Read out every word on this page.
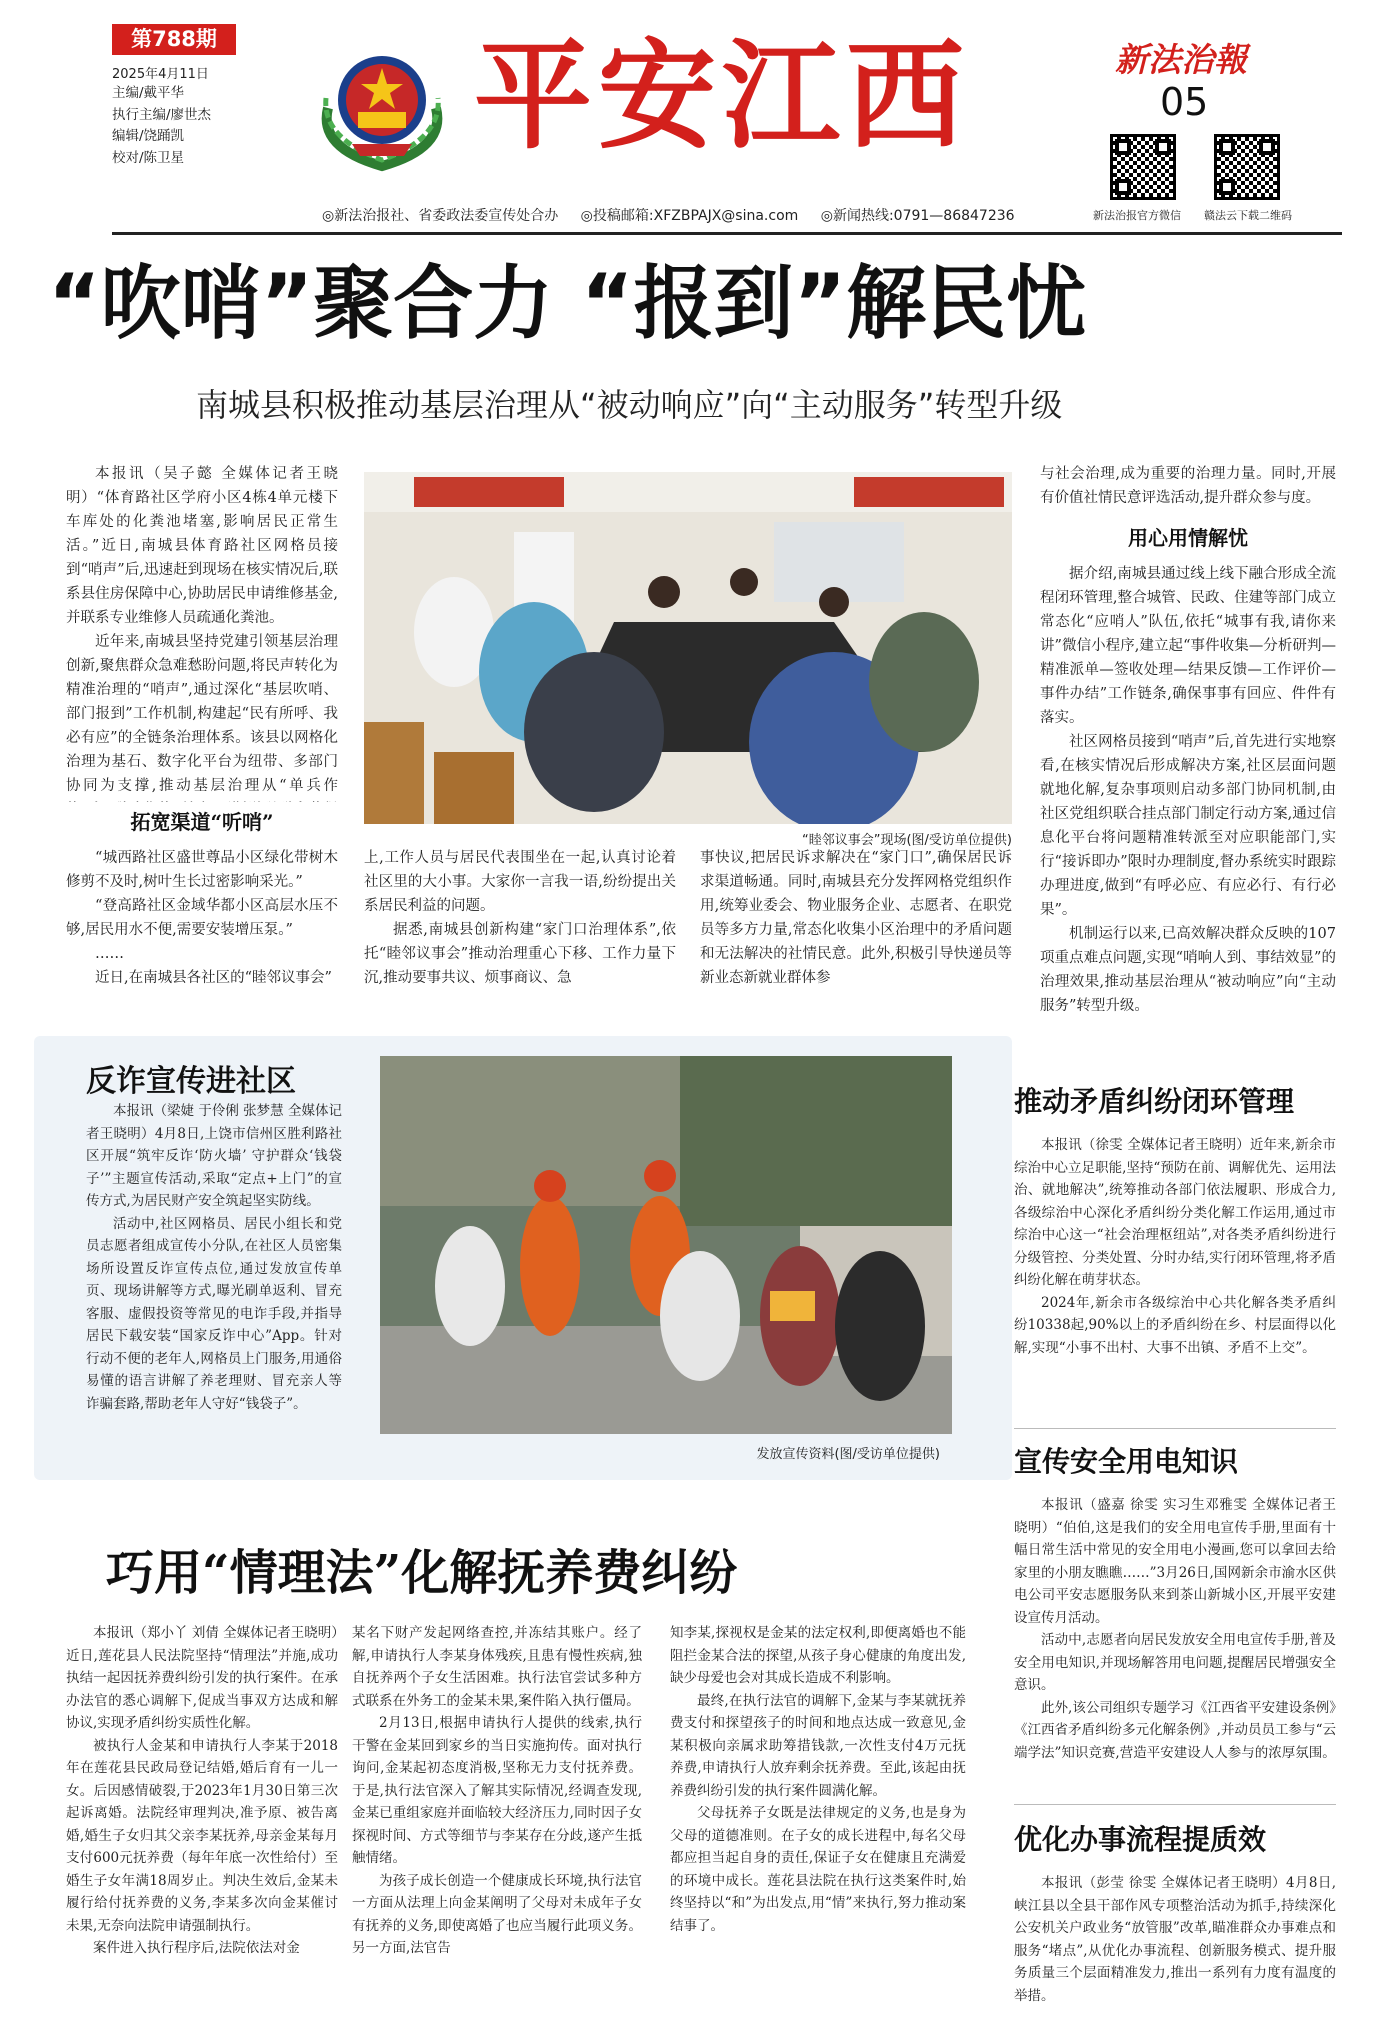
第788期
2025年4月11日
主编/戴平华
执行主编/廖世杰
编辑/饶踊凯
校对/陈卫星 平安江西	新法治報
05
新法治报官方微信 赣法云下载二维码
◎新法治报社、省委政法委宣传处合办 ◎投稿邮箱:XFZBPAJX@sina.com ◎新闻热线:0791—86847236
“吹哨”聚合力 “报到”解民忧
南城县积极推动基层治理从“被动响应”向“主动服务”转型升级

本报讯（吴子懿 全媒体记者王晓明）“体育路社区学府小区4栋4单元楼下车库处的化粪池堵塞,影响居民正常生活。”近日,南城县体育路社区网格员接到“哨声”后,迅速赶到现场在核实情况后,联系县住房保障中心,协助居民申请维修基金,并联系专业维修人员疏通化粪池。

近年来,南城县坚持党建引领基层治理创新,聚焦群众急难愁盼问题,将民声转化为精准治理的“哨声”,通过深化“基层吹哨、部门报到”工作机制,构建起“民有所呼、我必有应”的全链条治理体系。该县以网格化治理为基石、数字化平台为纽带、多部门协同为支撑,推动基层治理从“单兵作

拓宽渠道“听哨”

“城西路社区盛世尊品小区绿化带树木修剪不及时,树叶生长过密影响采光。”

“登高路社区金域华都小区高层水压不够,居民用水不便,需要安装增压泵。”

……

近日,在南城县各社区的“睦邻议事会”

“睦邻议事会”现场(图/受访单位提供)

上,工作人员与居民代表围坐在一起,认真讨论着社区里的大小事。大家你一言我一语,纷纷提出关系居民利益的问题。

据悉,南城县创新构建“家门口治理体系”,依托“睦邻议事会”推动治理重心下移、工作力量下沉,推动要事共议、烦事商议、急

事快议,把居民诉求解决在“家门口”,确保居民诉求渠道畅通。同时,南城县充分发挥网格党组织作用,统筹业委会、物业服务企业、志愿者、在职党员等多方力量,常态化收集小区治理中的矛盾问题和无法解决的社情民意。此外,积极引导快递员等新业态新就业群体参

与社会治理,成为重要的治理力量。同时,开展有价值社情民意评选活动,提升群众参与度。

用心用情解忧

据介绍,南城县通过线上线下融合形成全流程闭环管理,整合城管、民政、住建等部门成立常态化“应哨人”队伍,依托“城事有我,请你来讲”微信小程序,建立起“事件收集—分析研判—精准派单—签收处理—结果反馈—工作评价—事件办结”工作链条,确保事事有回应、件件有落实。

社区网格员接到“哨声”后,首先进行实地察看,在核实情况后形成解决方案,社区层面问题就地化解,复杂事项则启动多部门协同机制,由社区党组织联合挂点部门制定行动方案,通过信息化平台将问题精准转派至对应职能部门,实行“接诉即办”限时办理制度,督办系统实时跟踪办理进度,做到“有呼必应、有应必行、有行必果”。

机制运行以来,已高效解决群众反映的107项重点难点问题,实现“哨响人到、事结效显”的治理效果,推动基层治理从“被动响应”向“主动服务”转型升级。

反诈宣传进社区

本报讯（梁婕 于伶俐 张梦慧 全媒体记者王晓明）4月8日,上饶市信州区胜利路社区开展“筑牢反诈‘防火墙’ 守护群众‘钱袋子’”主题宣传活动,采取“定点+上门”的宣传方式,为居民财产安全筑起坚实防线。

活动中,社区网格员、居民小组长和党员志愿者组成宣传小分队,在社区人员密集场所设置反诈宣传点位,通过发放宣传单页、现场讲解等方式,曝光刷单返利、冒充客服、虚假投资等常见的电诈手段,并指导居民下载安装“国家反诈中心”App。针对行动不便的老年人,网格员上门服务,用通俗易懂的语言讲解了养老理财、冒充亲人等诈骗套路,帮助老年人守好“钱袋子”。

发放宣传资料(图/受访单位提供)
推动矛盾纠纷闭环管理

本报讯（徐雯 全媒体记者王晓明）近年来,新余市综治中心立足职能,坚持“预防在前、调解优先、运用法治、就地解决”,统筹推动各部门依法履职、形成合力,各级综治中心深化矛盾纠纷分类化解工作运用,通过市综治中心这一“社会治理枢纽站”,对各类矛盾纠纷进行分级管控、分类处置、分时办结,实行闭环管理,将矛盾纠纷化解在萌芽状态。

2024年,新余市各级综治中心共化解各类矛盾纠纷10338起,90%以上的矛盾纠纷在乡、村层面得以化解,实现“小事不出村、大事不出镇、矛盾不上交”。

宣传安全用电知识

本报讯（盛嘉 徐雯 实习生邓雅雯 全媒体记者王晓明）“伯伯,这是我们的安全用电宣传手册,里面有十幅日常生活中常见的安全用电小漫画,您可以拿回去给家里的小朋友瞧瞧……”3月26日,国网新余市渝水区供电公司平安志愿服务队来到茶山新城小区,开展平安建设宣传月活动。

活动中,志愿者向居民发放安全用电宣传手册,普及安全用电知识,并现场解答用电问题,提醒居民增强安全意识。

此外,该公司组织专题学习《江西省平安建设条例》《江西省矛盾纠纷多元化解条例》,并动员员工参与“云端学法”知识竞赛,营造平安建设人人参与的浓厚氛围。

优化办事流程提质效

本报讯（彭莹 徐雯 全媒体记者王晓明）4月8日,峡江县以全县干部作风专项整治活动为抓手,持续深化公安机关户政业务“放管服”改革,瞄准群众办事难点和服务“堵点”,从优化办事流程、创新服务模式、提升服务质量三个层面精准发力,推出一系列有力度有温度的举措。

巧用“情理法”化解抚养费纠纷

本报讯（郑小丫 刘倩 全媒体记者王晓明）近日,莲花县人民法院坚持“情理法”并施,成功执结一起因抚养费纠纷引发的执行案件。在承办法官的悉心调解下,促成当事双方达成和解协议,实现矛盾纠纷实质性化解。

被执行人金某和申请执行人李某于2018年在莲花县民政局登记结婚,婚后育有一儿一女。后因感情破裂,于2023年1月30日第三次起诉离婚。法院经审理判决,准予原、被告离婚,婚生子女归其父亲李某抚养,母亲金某每月支付600元抚养费（每年年底一次性给付）至婚生子女年满18周岁止。判决生效后,金某未履行给付抚养费的义务,李某多次向金某催讨未果,无奈向法院申请强制执行。

案件进入执行程序后,法院依法对金

某名下财产发起网络查控,并冻结其账户。经了解,申请执行人李某身体残疾,且患有慢性疾病,独自抚养两个子女生活困难。执行法官尝试多种方式联系在外务工的金某未果,案件陷入执行僵局。

2月13日,根据申请执行人提供的线索,执行干警在金某回到家乡的当日实施拘传。面对执行询问,金某起初态度消极,坚称无力支付抚养费。于是,执行法官深入了解其实际情况,经调查发现,金某已重组家庭并面临较大经济压力,同时因子女探视时间、方式等细节与李某存在分歧,遂产生抵触情绪。

为孩子成长创造一个健康成长环境,执行法官一方面从法理上向金某阐明了父母对未成年子女有抚养的义务,即使离婚了也应当履行此项义务。另一方面,法官告

知李某,探视权是金某的法定权利,即便离婚也不能阻拦金某合法的探望,从孩子身心健康的角度出发,缺少母爱也会对其成长造成不利影响。

最终,在执行法官的调解下,金某与李某就抚养费支付和探望孩子的时间和地点达成一致意见,金某积极向亲属求助筹措钱款,一次性支付4万元抚养费,申请执行人放弃剩余抚养费。至此,该起由抚养费纠纷引发的执行案件圆满化解。

父母抚养子女既是法律规定的义务,也是身为父母的道德准则。在子女的成长进程中,每名父母都应担当起自身的责任,保证子女在健康且充满爱的环境中成长。莲花县法院在执行这类案件时,始终坚持以“和”为出发点,用“情”来执行,努力推动案结事了。
